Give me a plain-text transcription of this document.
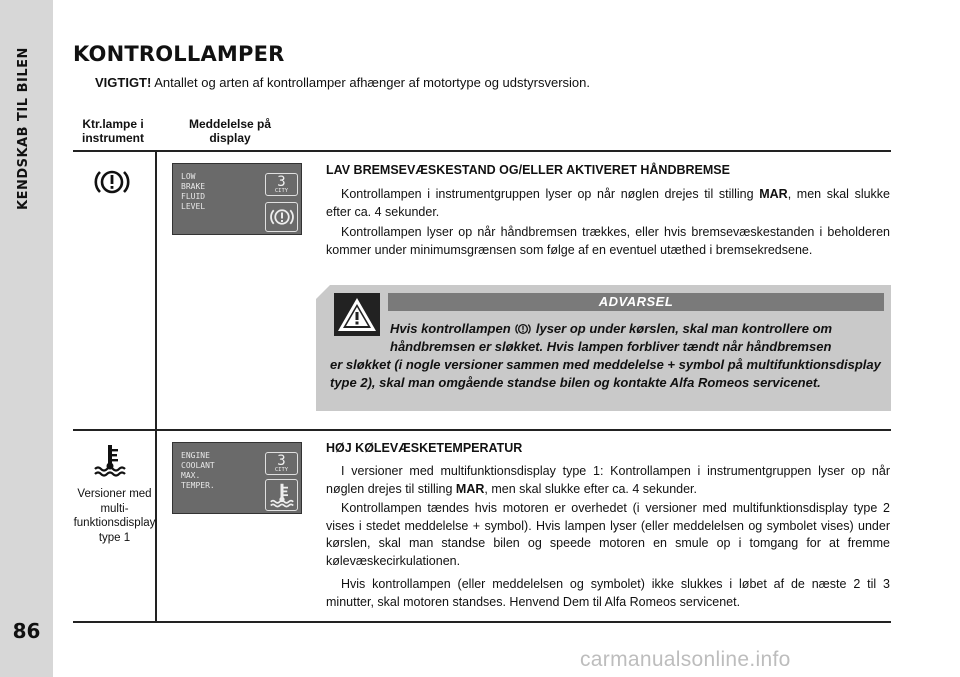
KENDSKAB TIL BILEN
86
KONTROLLAMPER
VIGTIGT! Antallet og arten af kontrollamper afhænger af motortype og udstyrsversion.
Ktr.lampe i instrument
Meddelelse på display
LOW
BRAKE
FLUID
LEVEL
3
CITY
LAV BREMSEVÆSKESTAND OG/ELLER AKTIVERET HÅNDBREMSE
Kontrollampen i instrumentgruppen lyser op når nøglen drejes til stilling MAR, men skal slukke efter ca. 4 sekunder.
Kontrollampen lyser op når håndbremsen trækkes, eller hvis bremsevæskestanden i beholderen kommer under minimumsgrænsen som følge af en eventuel utæthed i bremsekredsene.
ADVARSEL
Hvis kontrollampen  lyser op under kørslen, skal man kontrollere om håndbremsen er sløkket. Hvis lampen forbliver tændt når håndbremsen
er sløkket (i nogle versioner sammen med meddelelse + symbol på multifunktionsdisplay type 2), skal man omgående standse bilen og kontakte Alfa Romeos servicenet.
Versioner med multifunktionsdisplay type 1
ENGINE
COOLANT
MAX.
TEMPER.
3
CITY
HØJ KØLEVÆSKETEMPERATUR
I versioner med multifunktionsdisplay type 1: Kontrollampen i instrumentgruppen lyser op når nøglen drejes til stilling MAR, men skal slukke efter ca. 4 sekunder.
Kontrollampen tændes hvis motoren er overhedet (i versioner med multifunktionsdisplay type 2 vises i stedet meddelelse + symbol). Hvis lampen lyser (eller meddelelsen og symbolet vises) under kørslen, skal man standse bilen og speede motoren en smule op i tomgang for at fremme kølevæskecirkulationen.
Hvis kontrollampen (eller meddelelsen og symbolet) ikke slukkes i løbet af de næste 2 til 3 minutter, skal motoren standses. Henvend Dem til Alfa Romeos servicenet.
carmanualsonline.info
